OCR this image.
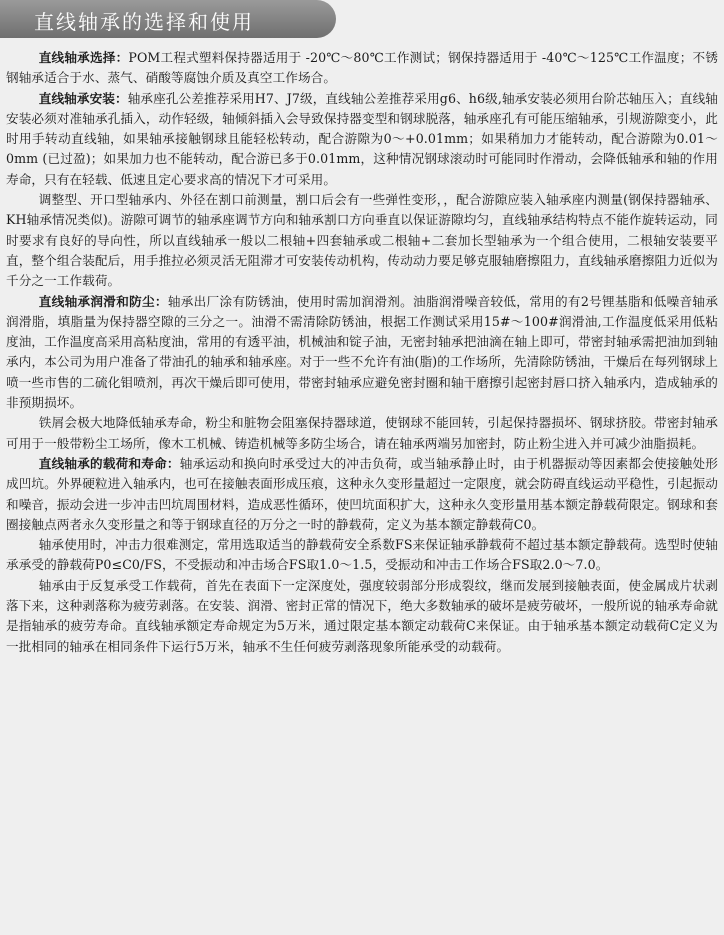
直线轴承的选择和使用

直线轴承选择：POM工程式塑料保持器适用于 -20℃～80℃工作测试；钢保持器适用于 -40℃～125℃工作温度；不锈钢轴承适合于水、蒸气、硝酸等腐蚀介质及真空工作场合。

直线轴承安装：轴承座孔公差推荐采用H7、J7级，直线轴公差推荐采用g6、h6级,轴承安装必须用台阶芯轴压入；直线轴安装必须对准轴承孔插入，动作轻级，轴倾斜插入会导致保持器变型和钢球脱落，轴承座孔有可能压缩轴承，引规游隙变小，此时用手转动直线轴，如果轴承接触钢球且能轻松转动，配合游隙为0～+0.01mm；如果稍加力才能转动，配合游隙为0.01～0mm (已过盈)；如果加力也不能转动，配合游已多于0.01mm，这种情况钢球滚动时可能同时作滑动，会降低轴承和轴的作用寿命，只有在轻载、低速且定心要求高的情况下才可采用。

调整型、开口型轴承内、外径在割口前测量，割口后会有一些弹性变形，，配合游隙应装入轴承座内测量(钢保持器轴承、KH轴承情况类似)。游隙可调节的轴承座调节方向和轴承割口方向垂直以保证游隙均匀，直线轴承结构特点不能作旋转运动，同时要求有良好的导向性，所以直线轴承一般以二根轴+四套轴承或二根轴+二套加长型轴承为一个组合使用，二根轴安装要平直，整个组合装配后，用手推拉必须灵活无阻滞才可安装传动机构，传动动力要足够克服轴磨擦阻力，直线轴承磨擦阻力近似为千分之一工作载荷。

直线轴承润滑和防尘：轴承出厂涂有防锈油，使用时需加润滑剂。油脂润滑噪音较低，常用的有2号锂基脂和低噪音轴承润滑脂，填脂量为保持器空隙的三分之一。油滑不需清除防锈油，根据工作测试采用15#～100#润滑油,工作温度低采用低粘度油，工作温度高采用高粘度油，常用的有透平油，机械油和锭子油，无密封轴承把油滴在轴上即可，带密封轴承需把油加到轴承内，本公司为用户准备了带油孔的轴承和轴承座。对于一些不允许有油(脂)的工作场所，先清除防锈油，干燥后在每列钢球上喷一些市售的二硫化钼喷剂，再次干燥后即可使用，带密封轴承应避免密封圈和轴干磨擦引起密封唇口挤入轴承内，造成轴承的非预期损坏。

铁屑会极大地降低轴承寿命，粉尘和脏物会阻塞保持器球道，使钢球不能回转，引起保持器损坏、钢球挤胶。带密封轴承可用于一般带粉尘工场所，像木工机械、铸造机械等多防尘场合，请在轴承两端另加密封，防止粉尘进入并可减少油脂损耗。

直线轴承的载荷和寿命：轴承运动和换向时承受过大的冲击负荷，或当轴承静止时，由于机器振动等因素都会使接触处形成凹坑。外界硬粒进入轴承内，也可在接触表面形成压痕，这种永久变形量超过一定限度，就会防碍直线运动平稳性，引起振动和噪音，振动会进一步冲击凹坑周围材料，造成恶性循环，使凹坑面积扩大，这种永久变形量用基本额定静载荷限定。钢球和套圈接触点两者永久变形量之和等于钢球直径的万分之一时的静载荷，定义为基本额定静载荷C0。

轴承使用时，冲击力很难测定，常用选取适当的静载荷安全系数FS来保证轴承静载荷不超过基本额定静载荷。选型时使轴承承受的静载荷P0≤C0/FS，不受振动和冲击场合FS取1.0～1.5，受振动和冲击工作场合FS取2.0～7.0。

轴承由于反复承受工作载荷，首先在表面下一定深度处，强度较弱部分形成裂纹，继而发展到接触表面，使金属成片状剥落下来，这种剥落称为疲劳剥落。在安装、润滑、密封正常的情况下，绝大多数轴承的破坏是疲劳破坏，一般所说的轴承寿命就是指轴承的疲劳寿命。直线轴承额定寿命规定为5万米，通过限定基本额定动载荷C来保证。由于轴承基本额定动载荷C定义为一批相同的轴承在相同条件下运行5万米，轴承不生任何疲劳剥落现象所能承受的动载荷。
